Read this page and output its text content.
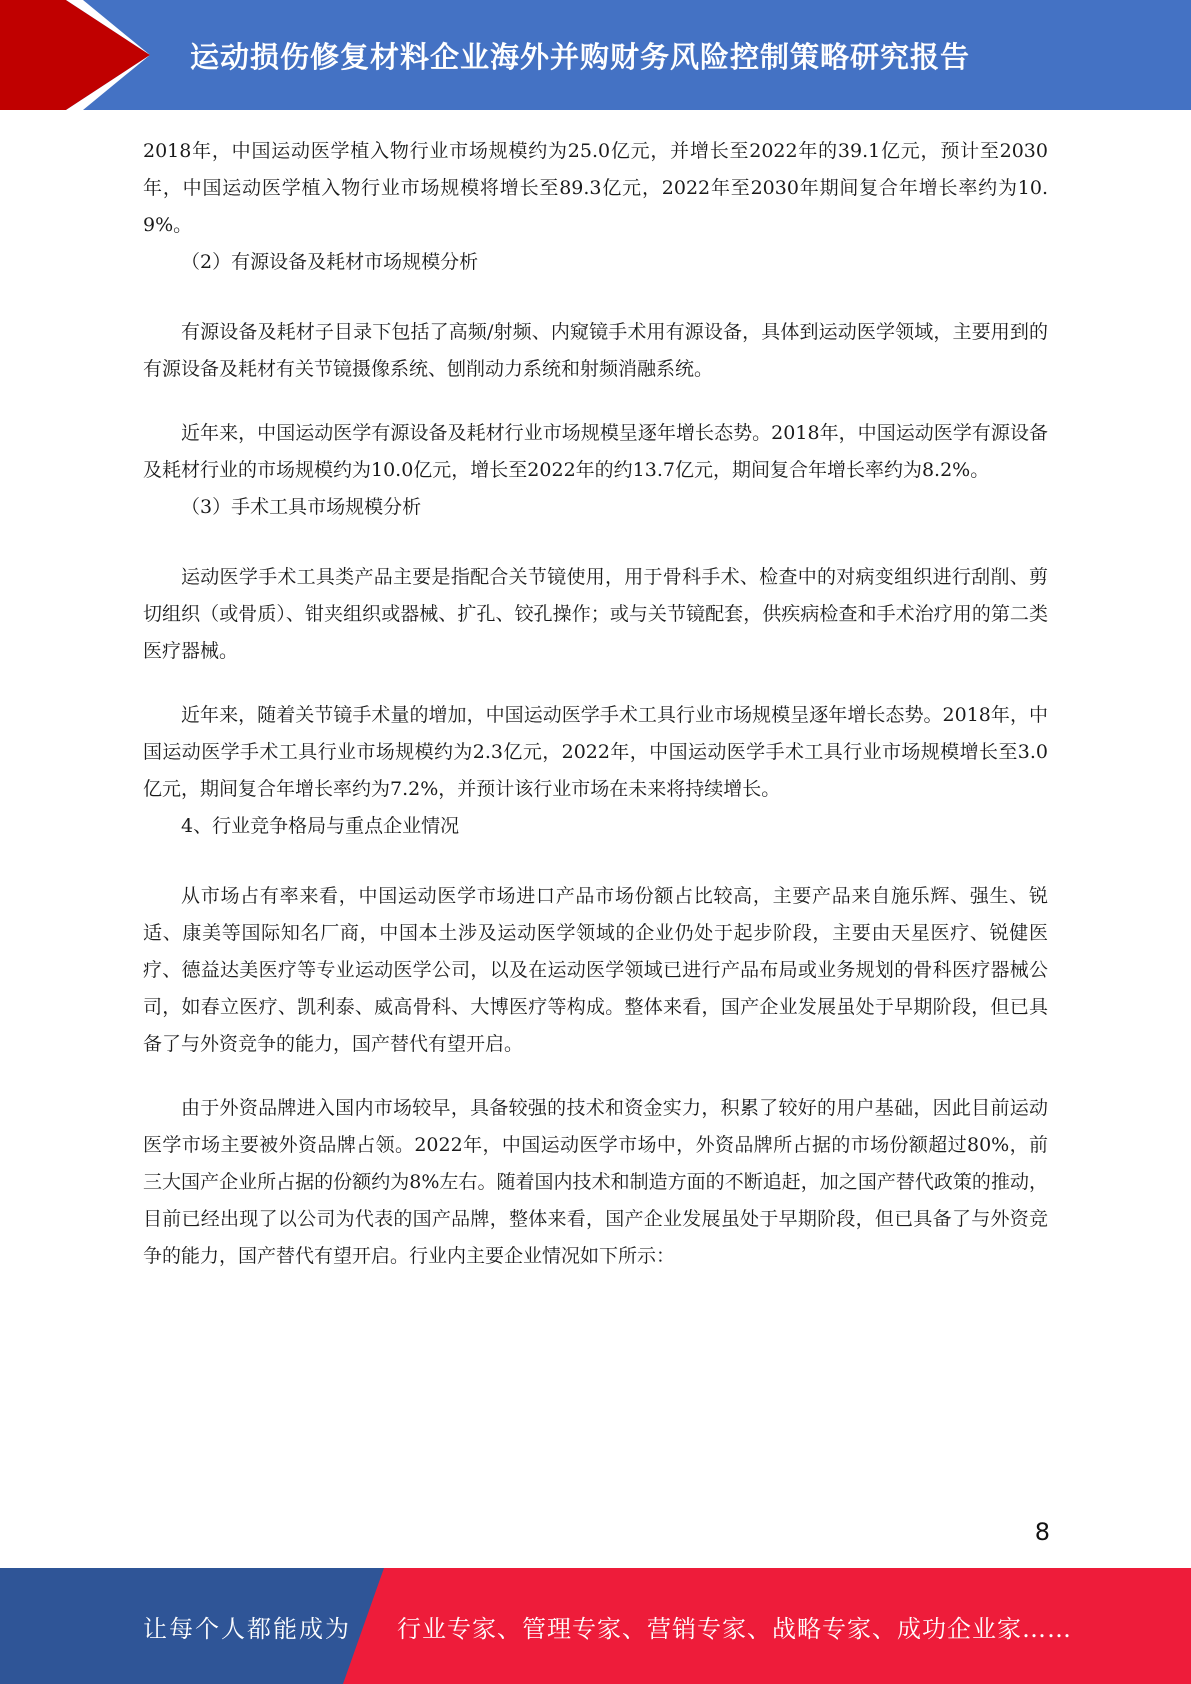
运动损伤修复材料企业海外并购财务风险控制策略研究报告

2018年，中国运动医学植入物行业市场规模约为25.0亿元，并增长至2022年的39.1亿元，预计至2030年，中国运动医学植入物行业市场规模将增长至89.3亿元，2022年至2030年期间复合年增长率约为10.9%。

（2）有源设备及耗材市场规模分析

有源设备及耗材子目录下包括了高频/射频、内窥镜手术用有源设备，具体到运动医学领域，主要用到的有源设备及耗材有关节镜摄像系统、刨削动力系统和射频消融系统。

近年来，中国运动医学有源设备及耗材行业市场规模呈逐年增长态势。2018年，中国运动医学有源设备及耗材行业的市场规模约为10.0亿元，增长至2022年的约13.7亿元，期间复合年增长率约为8.2%。

（3）手术工具市场规模分析

运动医学手术工具类产品主要是指配合关节镜使用，用于骨科手术、检查中的对病变组织进行刮削、剪切组织（或骨质）、钳夹组织或器械、扩孔、铰孔操作；或与关节镜配套，供疾病检查和手术治疗用的第二类医疗器械。

近年来，随着关节镜手术量的增加，中国运动医学手术工具行业市场规模呈逐年增长态势。2018年，中国运动医学手术工具行业市场规模约为2.3亿元，2022年，中国运动医学手术工具行业市场规模增长至3.0亿元，期间复合年增长率约为7.2%，并预计该行业市场在未来将持续增长。

4、行业竞争格局与重点企业情况

从市场占有率来看，中国运动医学市场进口产品市场份额占比较高，主要产品来自施乐辉、强生、锐适、康美等国际知名厂商，中国本土涉及运动医学领域的企业仍处于起步阶段，主要由天星医疗、锐健医疗、德益达美医疗等专业运动医学公司，以及在运动医学领域已进行产品布局或业务规划的骨科医疗器械公司，如春立医疗、凯利泰、威高骨科、大博医疗等构成。整体来看，国产企业发展虽处于早期阶段，但已具备了与外资竞争的能力，国产替代有望开启。

由于外资品牌进入国内市场较早，具备较强的技术和资金实力，积累了较好的用户基础，因此目前运动医学市场主要被外资品牌占领。2022年，中国运动医学市场中，外资品牌所占据的市场份额超过80%，前三大国产企业所占据的份额约为8%左右。随着国内技术和制造方面的不断追赶，加之国产替代政策的推动，目前已经出现了以公司为代表的国产品牌，整体来看，国产企业发展虽处于早期阶段，但已具备了与外资竞争的能力，国产替代有望开启。行业内主要企业情况如下所示：

8
让每个人都能成为 行业专家、管理专家、营销专家、战略专家、成功企业家……
